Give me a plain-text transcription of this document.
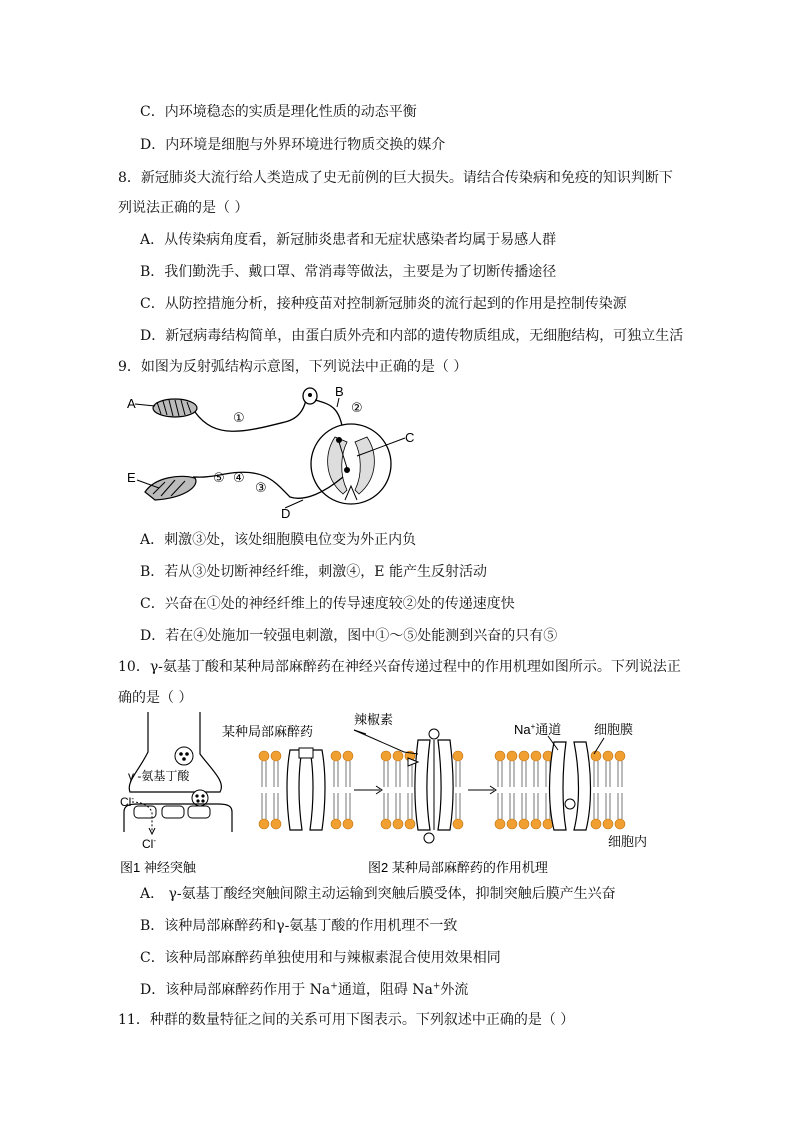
C．内环境稳态的实质是理化性质的动态平衡
D．内环境是细胞与外界环境进行物质交换的媒介
8．新冠肺炎大流行给人类造成了史无前例的巨大损失。请结合传染病和免疫的知识判断下
列说法正确的是（ ）
A．从传染病角度看，新冠肺炎患者和无症状感染者均属于易感人群
B．我们勤洗手、戴口罩、常消毒等做法，主要是为了切断传播途径
C．从防控措施分析，接种疫苗对控制新冠肺炎的流行起到的作用是控制传染源
D．新冠病毒结构简单，由蛋白质外壳和内部的遗传物质组成，无细胞结构，可独立生活
9．如图为反射弧结构示意图，下列说法中正确的是（ ）
A
①
B
②
C
D
E	⑤ ④
③
A．刺激③处，该处细胞膜电位变为外正内负
B．若从③处切断神经纤维，刺激④，E 能产生反射活动
C．兴奋在①处的神经纤维上的传导速度较②处的传递速度快
D．若在④处施加一较强电刺激，图中①～⑤处能测到兴奋的只有⑤
10．γ-氨基丁酸和某种局部麻醉药在神经兴奋传递过程中的作用机理如图所示。下列说法正
确的是（ ）
γ -氨基丁酸
Cl-
Cl-
图1 神经突触
某种局部麻醉药
辣椒素
Na+通道	细胞膜
细胞内
图2 某种局部麻醉药的作用机理
A． γ-氨基丁酸经突触间隙主动运输到突触后膜受体，抑制突触后膜产生兴奋
B．该种局部麻醉药和γ-氨基丁酸的作用机理不一致
C．该种局部麻醉药单独使用和与辣椒素混合使用效果相同
D．该种局部麻醉药作用于 Na+通道，阻碍 Na+外流
11．种群的数量特征之间的关系可用下图表示。下列叙述中正确的是（ ）
